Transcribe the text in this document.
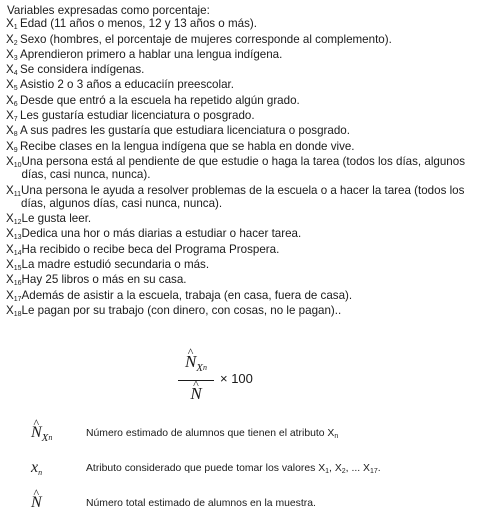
Variables expresadas como porcentaje:

$X_1$ Edad (11 años o menos, 12 y 13 años o más).
$X_2$ Sexo (hombres, el porcentaje de mujeres corresponde al complemento).
$X_3$ Aprendieron primero a hablar una lengua indígena.
$X_4$ Se considera indígenas.
$X_5$ Asistio 2 o 3 años a educaciín preescolar.
$X_6$ Desde que entró a la escuela ha repetido algún grado.
$X_7$ Les gustaría estudiar licenciatura o posgrado.
$X_8$ A sus padres les gustaría que estudiara licenciatura o posgrado.
$X_9$ Recibe clases en la lengua indígena que se habla en donde vive.
$X_{10}$ Una persona está al pendiente de que estudie o haga la tarea (todos los días, algunos días, casi nunca, nunca).
$X_{11}$ Una persona le ayuda a resolver problemas de la escuela o a hacer la tarea (todos los días, algunos días, casi nunca, nunca).
$X_{12}$ Le gusta leer.
$X_{13}$ Dedica una hor o más diarias a estudiar o hacer tarea.
$X_{14}$ Ha recibido o recibe beca del Programa Prospera.
$X_{15}$ La madre estudió secundaria o más.
$X_{16}$ Hay 25 libros o más en su casa.
$X_{17}$ Además de asistir a la escuela, trabaja (en casa, fuera de casa).
$X_{18}$ Le pagan por su trabajo (con dinero, con cosas, no le pagan)..
^ $N_Xn$
^ N × 100
^ $N_Xn$	Número estimado de alumnos que tienen el atributo $X_n$
xn	Atributo considerado que puede tomar los valores $X_1$, $X_2$, ... $X_{17}$.
^ N	Número total estimado de alumnos en la muestra.
